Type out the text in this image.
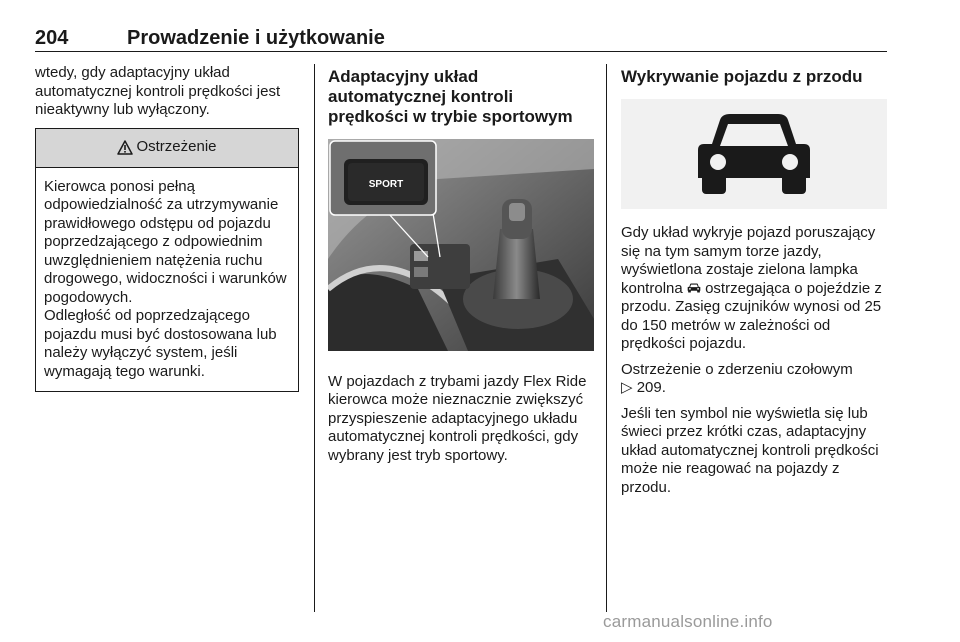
204	Prowadzenie i użytkowanie

wtedy, gdy adaptacyjny układ automatycznej kontroli prędkości jest nieaktywny lub wyłączony.

Ostrzeżenie

Kierowca ponosi pełną odpowiedzialność za utrzymywanie prawidłowego odstępu od pojazdu poprzedzającego z odpowiednim uwzględnieniem natężenia ruchu drogowego, widoczności i warunków pogodowych.

Odległość od poprzedzającego pojazdu musi być dostosowana lub należy wyłączyć system, jeśli wymagają tego warunki.

Adaptacyjny układ automatycznej kontroli prędkości w trybie sportowym
SPORT

W pojazdach z trybami jazdy Flex Ride kierowca może nieznacznie zwiększyć przyspieszenie adaptacyjnego układu automatycznej kontroli prędkości, gdy wybrany jest tryb sportowy.

Wykrywanie pojazdu z przodu

Gdy układ wykryje pojazd poruszający się na tym samym torze jazdy, wyświetlona zostaje zielona lampka kontrolna ostrzegająca o pojeździe z przodu. Zasięg czujników wynosi od 25 do 150 metrów w zależności od prędkości pojazdu.

Ostrzeżenie o zderzeniu czołowym
▷ 209.

Jeśli ten symbol nie wyświetla się lub świeci przez krótki czas, adaptacyjny układ automatycznej kontroli prędkości może nie reagować na pojazdy z przodu.

carmanualsonline.info
